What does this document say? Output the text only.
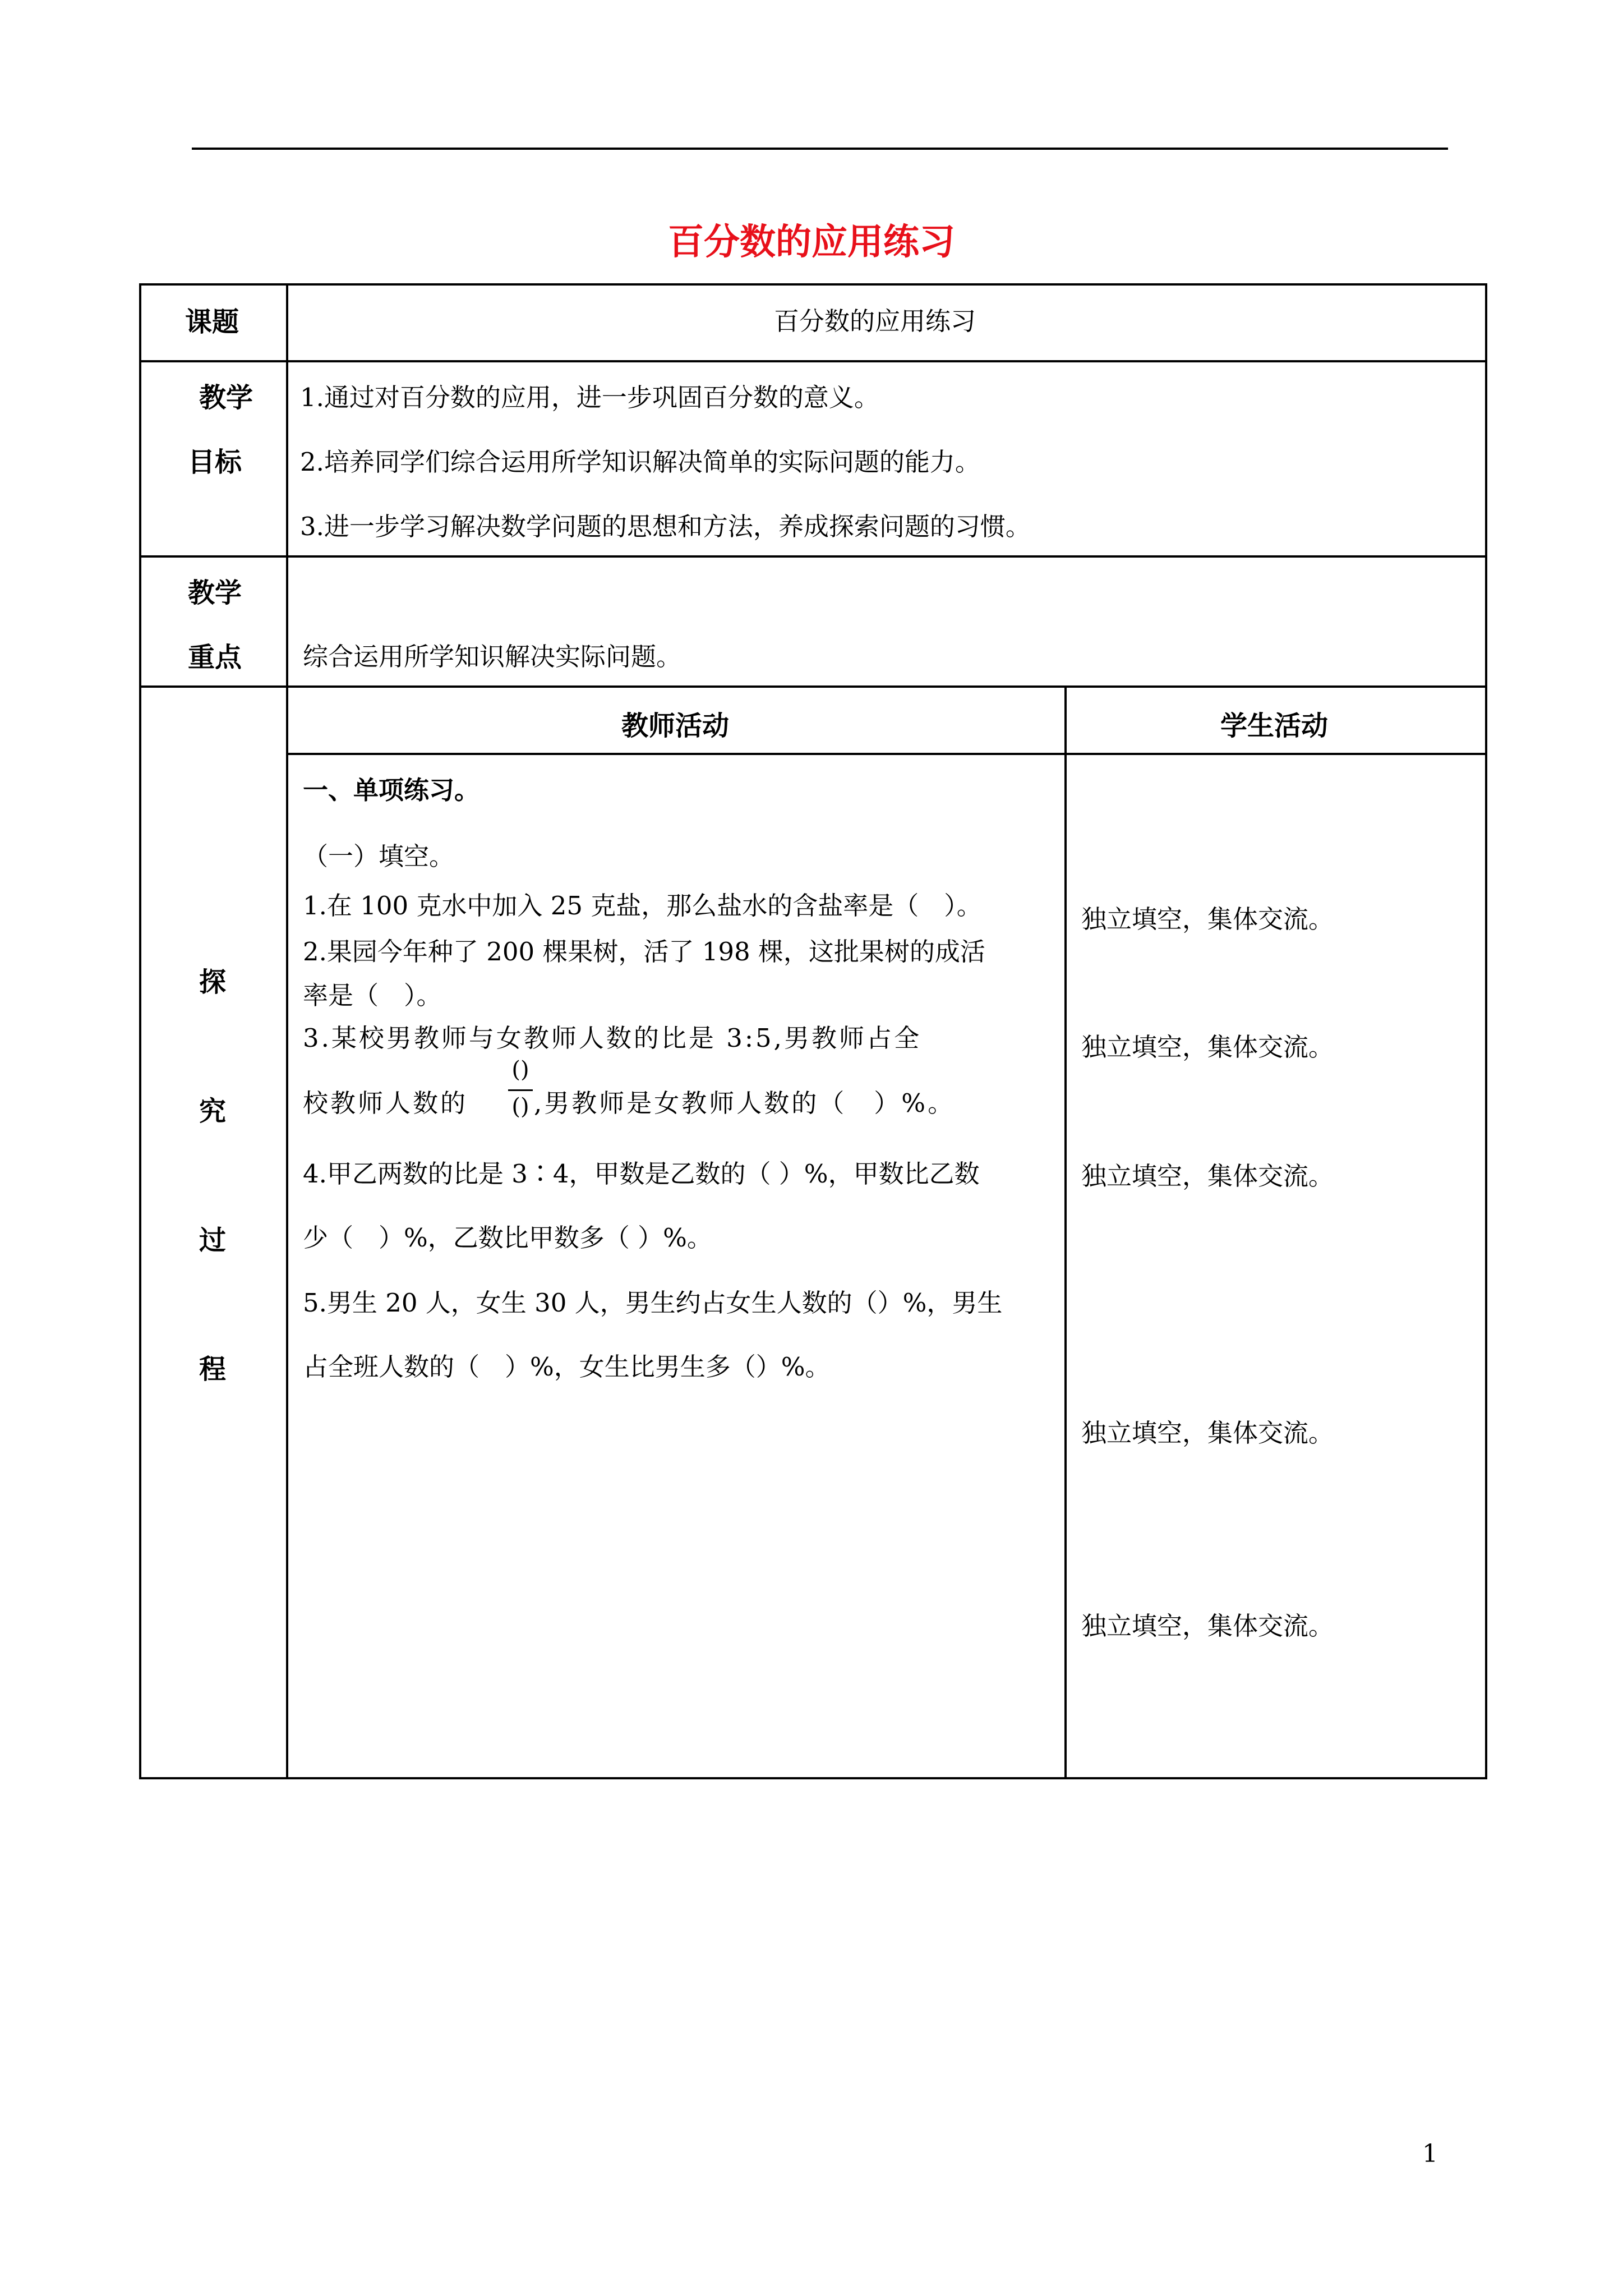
百分数的应用练习
课题	百分数的应用练习
教学
目标
1.通过对百分数的应用，进一步巩固百分数的意义。
2.培养同学们综合运用所学知识解决简单的实际问题的能力。
3.进一步学习解决数学问题的思想和方法，养成探索问题的习惯。
教学
重点 综合运用所学知识解决实际问题。
探
究
过
程
教师活动	学生活动
一、单项练习。
（一）填空。
1.在 100 克水中加入 25 克盐，那么盐水的含盐率是（　）。
2.果园今年种了 200 棵果树，活了 198 棵，这批果树的成活
率是（　）。
3.某校男教师与女教师人数的比是 3:5,男教师占全
校教师人数的
()
() ,男教师是女教师人数的（　）%。
4.甲乙两数的比是 3∶4，甲数是乙数的（ ）%，甲数比乙数
少（　）%，乙数比甲数多（ ）%。
5.男生 20 人，女生 30 人，男生约占女生人数的（）%，男生
占全班人数的（　）%，女生比男生多（）%。
独立填空，集体交流。
独立填空，集体交流。
独立填空，集体交流。
独立填空，集体交流。
独立填空，集体交流。
1
